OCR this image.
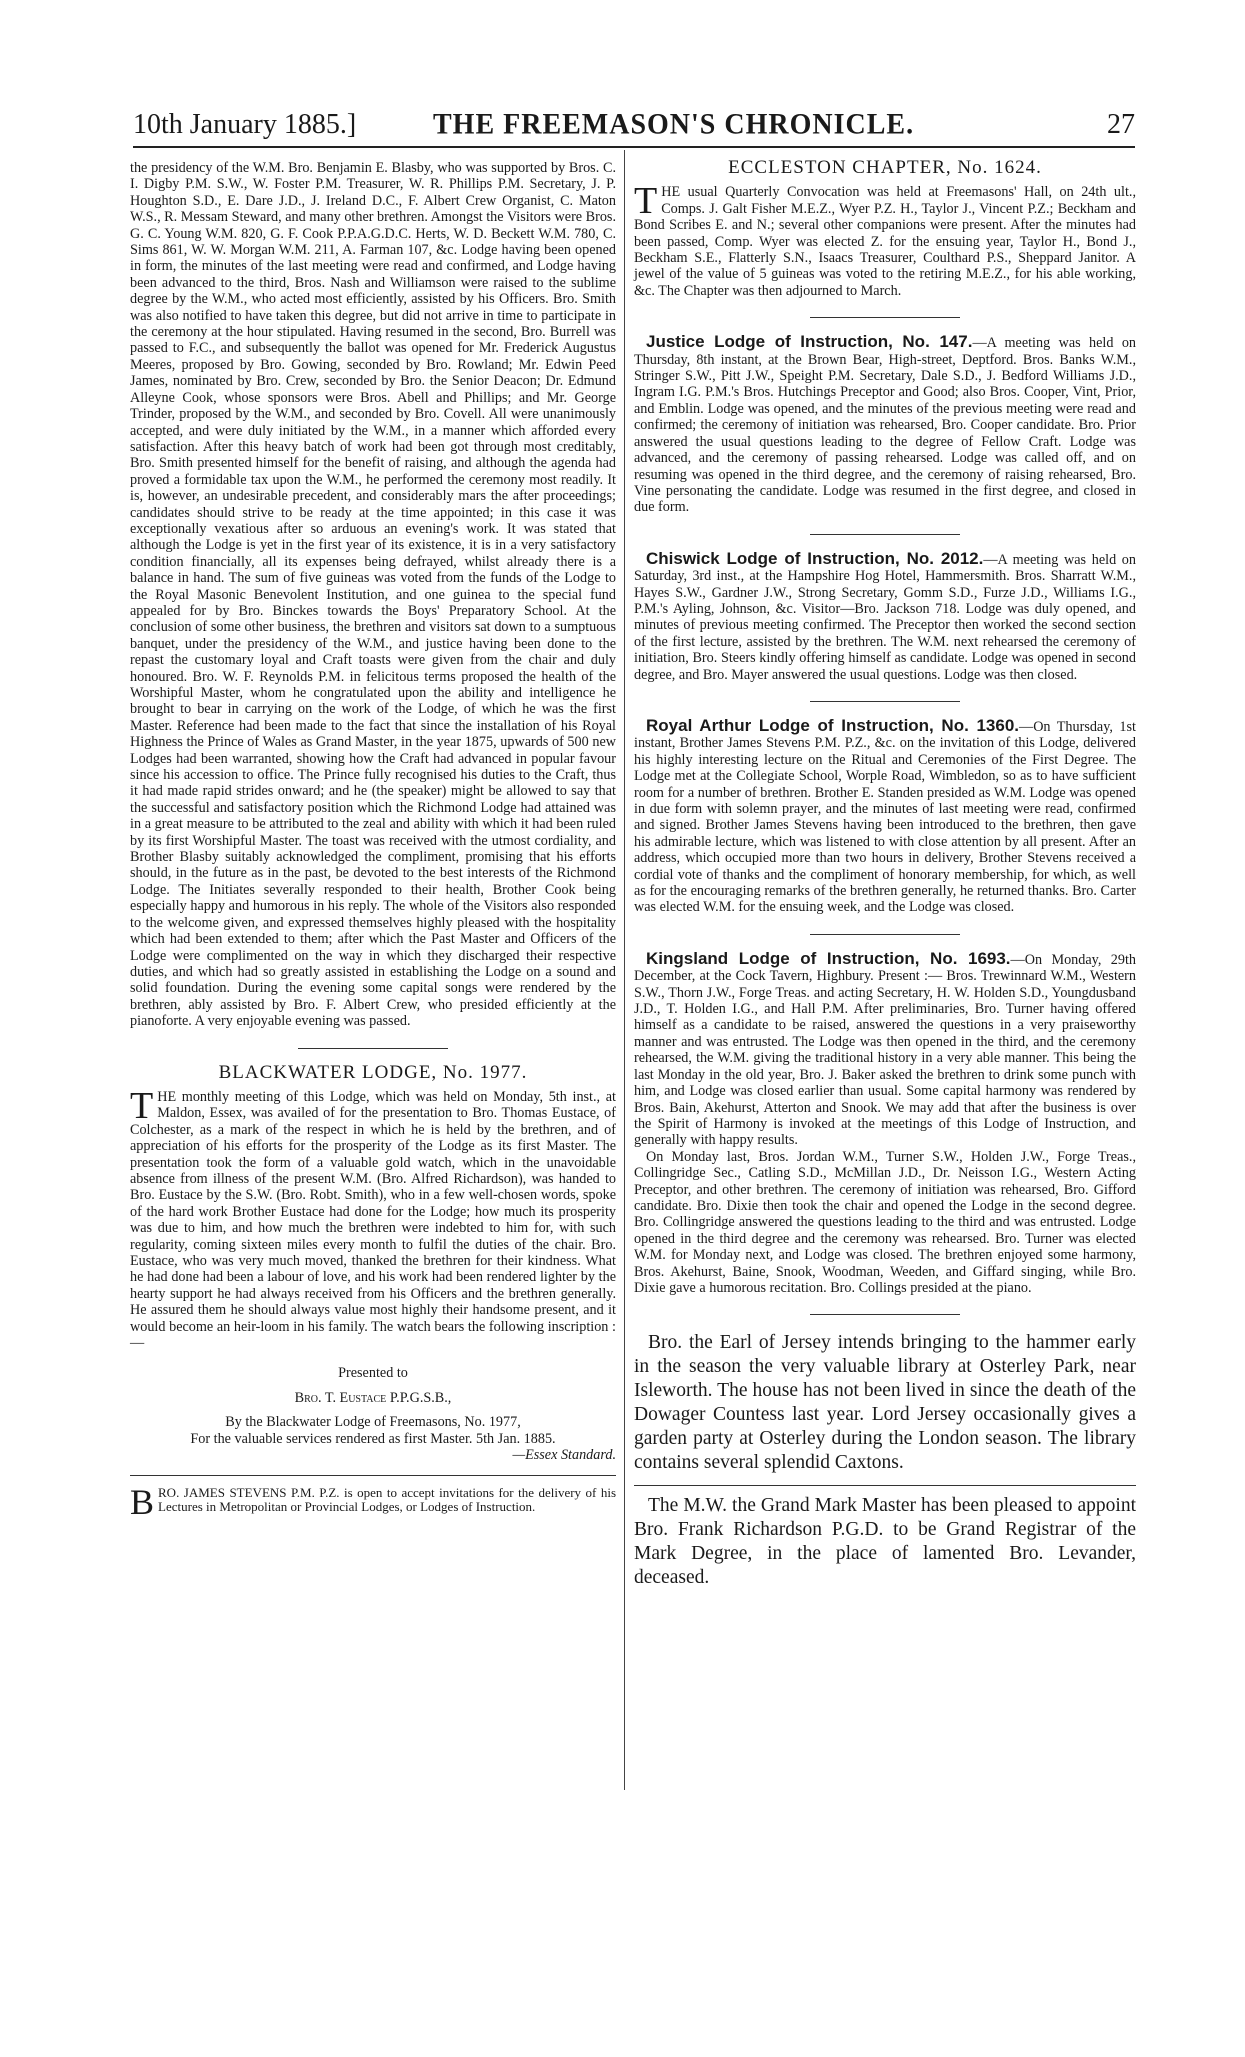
10th January 1885.]	THE FREEMASON'S CHRONICLE.	27

the presidency of the W.M. Bro. Benjamin E. Blasby, who was supported by Bros. C. I. Digby P.M. S.W., W. Foster P.M. Treasurer, W. R. Phillips P.M. Secretary, J. P. Houghton S.D., E. Dare J.D., J. Ireland D.C., F. Albert Crew Organist, C. Maton W.S., R. Messam Steward, and many other brethren. Amongst the Visitors were Bros. G. C. Young W.M. 820, G. F. Cook P.P.A.G.D.C. Herts, W. D. Beckett W.M. 780, C. Sims 861, W. W. Morgan W.M. 211, A. Farman 107, &c. Lodge having been opened in form, the minutes of the last meeting were read and confirmed, and Lodge having been advanced to the third, Bros. Nash and Williamson were raised to the sublime degree by the W.M., who acted most efficiently, assisted by his Officers. Bro. Smith was also notified to have taken this degree, but did not arrive in time to participate in the ceremony at the hour stipulated. Having resumed in the second, Bro. Burrell was passed to F.C., and subsequently the ballot was opened for Mr. Frederick Augustus Meeres, proposed by Bro. Gowing, seconded by Bro. Rowland; Mr. Edwin Peed James, nominated by Bro. Crew, seconded by Bro. the Senior Deacon; Dr. Edmund Alleyne Cook, whose sponsors were Bros. Abell and Phillips; and Mr. George Trinder, proposed by the W.M., and seconded by Bro. Covell. All were unanimously accepted, and were duly initiated by the W.M., in a manner which afforded every satisfaction. After this heavy batch of work had been got through most creditably, Bro. Smith presented himself for the benefit of raising, and although the agenda had proved a formidable tax upon the W.M., he performed the ceremony most readily. It is, however, an undesirable precedent, and considerably mars the after proceedings; candidates should strive to be ready at the time appointed; in this case it was exceptionally vexatious after so arduous an evening's work. It was stated that although the Lodge is yet in the first year of its existence, it is in a very satisfactory condition financially, all its expenses being defrayed, whilst already there is a balance in hand. The sum of five guineas was voted from the funds of the Lodge to the Royal Masonic Benevolent Institution, and one guinea to the special fund appealed for by Bro. Binckes towards the Boys' Preparatory School. At the conclusion of some other business, the brethren and visitors sat down to a sumptuous banquet, under the presidency of the W.M., and justice having been done to the repast the customary loyal and Craft toasts were given from the chair and duly honoured. Bro. W. F. Reynolds P.M. in felicitous terms proposed the health of the Worshipful Master, whom he congratulated upon the ability and intelligence he brought to bear in carrying on the work of the Lodge, of which he was the first Master. Reference had been made to the fact that since the installation of his Royal Highness the Prince of Wales as Grand Master, in the year 1875, upwards of 500 new Lodges had been warranted, showing how the Craft had advanced in popular favour since his accession to office. The Prince fully recognised his duties to the Craft, thus it had made rapid strides onward; and he (the speaker) might be allowed to say that the successful and satisfactory position which the Richmond Lodge had attained was in a great measure to be attributed to the zeal and ability with which it had been ruled by its first Worshipful Master. The toast was received with the utmost cordiality, and Brother Blasby suitably acknowledged the compliment, promising that his efforts should, in the future as in the past, be devoted to the best interests of the Richmond Lodge. The Initiates severally responded to their health, Brother Cook being especially happy and humorous in his reply. The whole of the Visitors also responded to the welcome given, and expressed themselves highly pleased with the hospitality which had been extended to them; after which the Past Master and Officers of the Lodge were complimented on the way in which they discharged their respective duties, and which had so greatly assisted in establishing the Lodge on a sound and solid foundation. During the evening some capital songs were rendered by the brethren, ably assisted by Bro. F. Albert Crew, who presided efficiently at the pianoforte. A very enjoyable evening was passed.

BLACKWATER LODGE, No. 1977.

THE monthly meeting of this Lodge, which was held on Monday, 5th inst., at Maldon, Essex, was availed of for the presentation to Bro. Thomas Eustace, of Colchester, as a mark of the respect in which he is held by the brethren, and of appreciation of his efforts for the prosperity of the Lodge as its first Master. The presentation took the form of a valuable gold watch, which in the unavoidable absence from illness of the present W.M. (Bro. Alfred Richardson), was handed to Bro. Eustace by the S.W. (Bro. Robt. Smith), who in a few well-chosen words, spoke of the hard work Brother Eustace had done for the Lodge; how much its prosperity was due to him, and how much the brethren were indebted to him for, with such regularity, coming sixteen miles every month to fulfil the duties of the chair. Bro. Eustace, who was very much moved, thanked the brethren for their kindness. What he had done had been a labour of love, and his work had been rendered lighter by the hearty support he had always received from his Officers and the brethren generally. He assured them he should always value most highly their handsome present, and it would become an heir-loom in his family. The watch bears the following inscription :—

Presented to

Bro. T. Eustace P.P.G.S.B.,

By the Blackwater Lodge of Freemasons, No. 1977,

For the valuable services rendered as first Master. 5th Jan. 1885.

—Essex Standard.

BRO. JAMES STEVENS P.M. P.Z. is open to accept invitations for the delivery of his Lectures in Metropolitan or Provincial Lodges, or Lodges of Instruction.

ECCLESTON CHAPTER, No. 1624.

THE usual Quarterly Convocation was held at Freemasons' Hall, on 24th ult., Comps. J. Galt Fisher M.E.Z., Wyer P.Z. H., Taylor J., Vincent P.Z.; Beckham and Bond Scribes E. and N.; several other companions were present. After the minutes had been passed, Comp. Wyer was elected Z. for the ensuing year, Taylor H., Bond J., Beckham S.E., Flatterly S.N., Isaacs Treasurer, Coulthard P.S., Sheppard Janitor. A jewel of the value of 5 guineas was voted to the retiring M.E.Z., for his able working, &c. The Chapter was then adjourned to March.

Justice Lodge of Instruction, No. 147.—A meeting was held on Thursday, 8th instant, at the Brown Bear, High-street, Deptford. Bros. Banks W.M., Stringer S.W., Pitt J.W., Speight P.M. Secretary, Dale S.D., J. Bedford Williams J.D., Ingram I.G. P.M.'s Bros. Hutchings Preceptor and Good; also Bros. Cooper, Vint, Prior, and Emblin. Lodge was opened, and the minutes of the previous meeting were read and confirmed; the ceremony of initiation was rehearsed, Bro. Cooper candidate. Bro. Prior answered the usual questions leading to the degree of Fellow Craft. Lodge was advanced, and the ceremony of passing rehearsed. Lodge was called off, and on resuming was opened in the third degree, and the ceremony of raising rehearsed, Bro. Vine personating the candidate. Lodge was resumed in the first degree, and closed in due form.

Chiswick Lodge of Instruction, No. 2012.—A meeting was held on Saturday, 3rd inst., at the Hampshire Hog Hotel, Hammersmith. Bros. Sharratt W.M., Hayes S.W., Gardner J.W., Strong Secretary, Gomm S.D., Furze J.D., Williams I.G., P.M.'s Ayling, Johnson, &c. Visitor—Bro. Jackson 718. Lodge was duly opened, and minutes of previous meeting confirmed. The Preceptor then worked the second section of the first lecture, assisted by the brethren. The W.M. next rehearsed the ceremony of initiation, Bro. Steers kindly offering himself as candidate. Lodge was opened in second degree, and Bro. Mayer answered the usual questions. Lodge was then closed.

Royal Arthur Lodge of Instruction, No. 1360.—On Thursday, 1st instant, Brother James Stevens P.M. P.Z., &c. on the invitation of this Lodge, delivered his highly interesting lecture on the Ritual and Ceremonies of the First Degree. The Lodge met at the Collegiate School, Worple Road, Wimbledon, so as to have sufficient room for a number of brethren. Brother E. Standen presided as W.M. Lodge was opened in due form with solemn prayer, and the minutes of last meeting were read, confirmed and signed. Brother James Stevens having been introduced to the brethren, then gave his admirable lecture, which was listened to with close attention by all present. After an address, which occupied more than two hours in delivery, Brother Stevens received a cordial vote of thanks and the compliment of honorary membership, for which, as well as for the encouraging remarks of the brethren generally, he returned thanks. Bro. Carter was elected W.M. for the ensuing week, and the Lodge was closed.

Kingsland Lodge of Instruction, No. 1693.—On Monday, 29th December, at the Cock Tavern, Highbury. Present :— Bros. Trewinnard W.M., Western S.W., Thorn J.W., Forge Treas. and acting Secretary, H. W. Holden S.D., Youngdusband J.D., T. Holden I.G., and Hall P.M. After preliminaries, Bro. Turner having offered himself as a candidate to be raised, answered the questions in a very praiseworthy manner and was entrusted. The Lodge was then opened in the third, and the ceremony rehearsed, the W.M. giving the traditional history in a very able manner. This being the last Monday in the old year, Bro. J. Baker asked the brethren to drink some punch with him, and Lodge was closed earlier than usual. Some capital harmony was rendered by Bros. Bain, Akehurst, Atterton and Snook. We may add that after the business is over the Spirit of Harmony is invoked at the meetings of this Lodge of Instruction, and generally with happy results.

On Monday last, Bros. Jordan W.M., Turner S.W., Holden J.W., Forge Treas., Collingridge Sec., Catling S.D., McMillan J.D., Dr. Neisson I.G., Western Acting Preceptor, and other brethren. The ceremony of initiation was rehearsed, Bro. Gifford candidate. Bro. Dixie then took the chair and opened the Lodge in the second degree. Bro. Collingridge answered the questions leading to the third and was entrusted. Lodge opened in the third degree and the ceremony was rehearsed. Bro. Turner was elected W.M. for Monday next, and Lodge was closed. The brethren enjoyed some harmony, Bros. Akehurst, Baine, Snook, Woodman, Weeden, and Giffard singing, while Bro. Dixie gave a humorous recitation. Bro. Collings presided at the piano.

Bro. the Earl of Jersey intends bringing to the hammer early in the season the very valuable library at Osterley Park, near Isleworth. The house has not been lived in since the death of the Dowager Countess last year. Lord Jersey occasionally gives a garden party at Osterley during the London season. The library contains several splendid Caxtons.

The M.W. the Grand Mark Master has been pleased to appoint Bro. Frank Richardson P.G.D. to be Grand Registrar of the Mark Degree, in the place of lamented Bro. Levander, deceased.
